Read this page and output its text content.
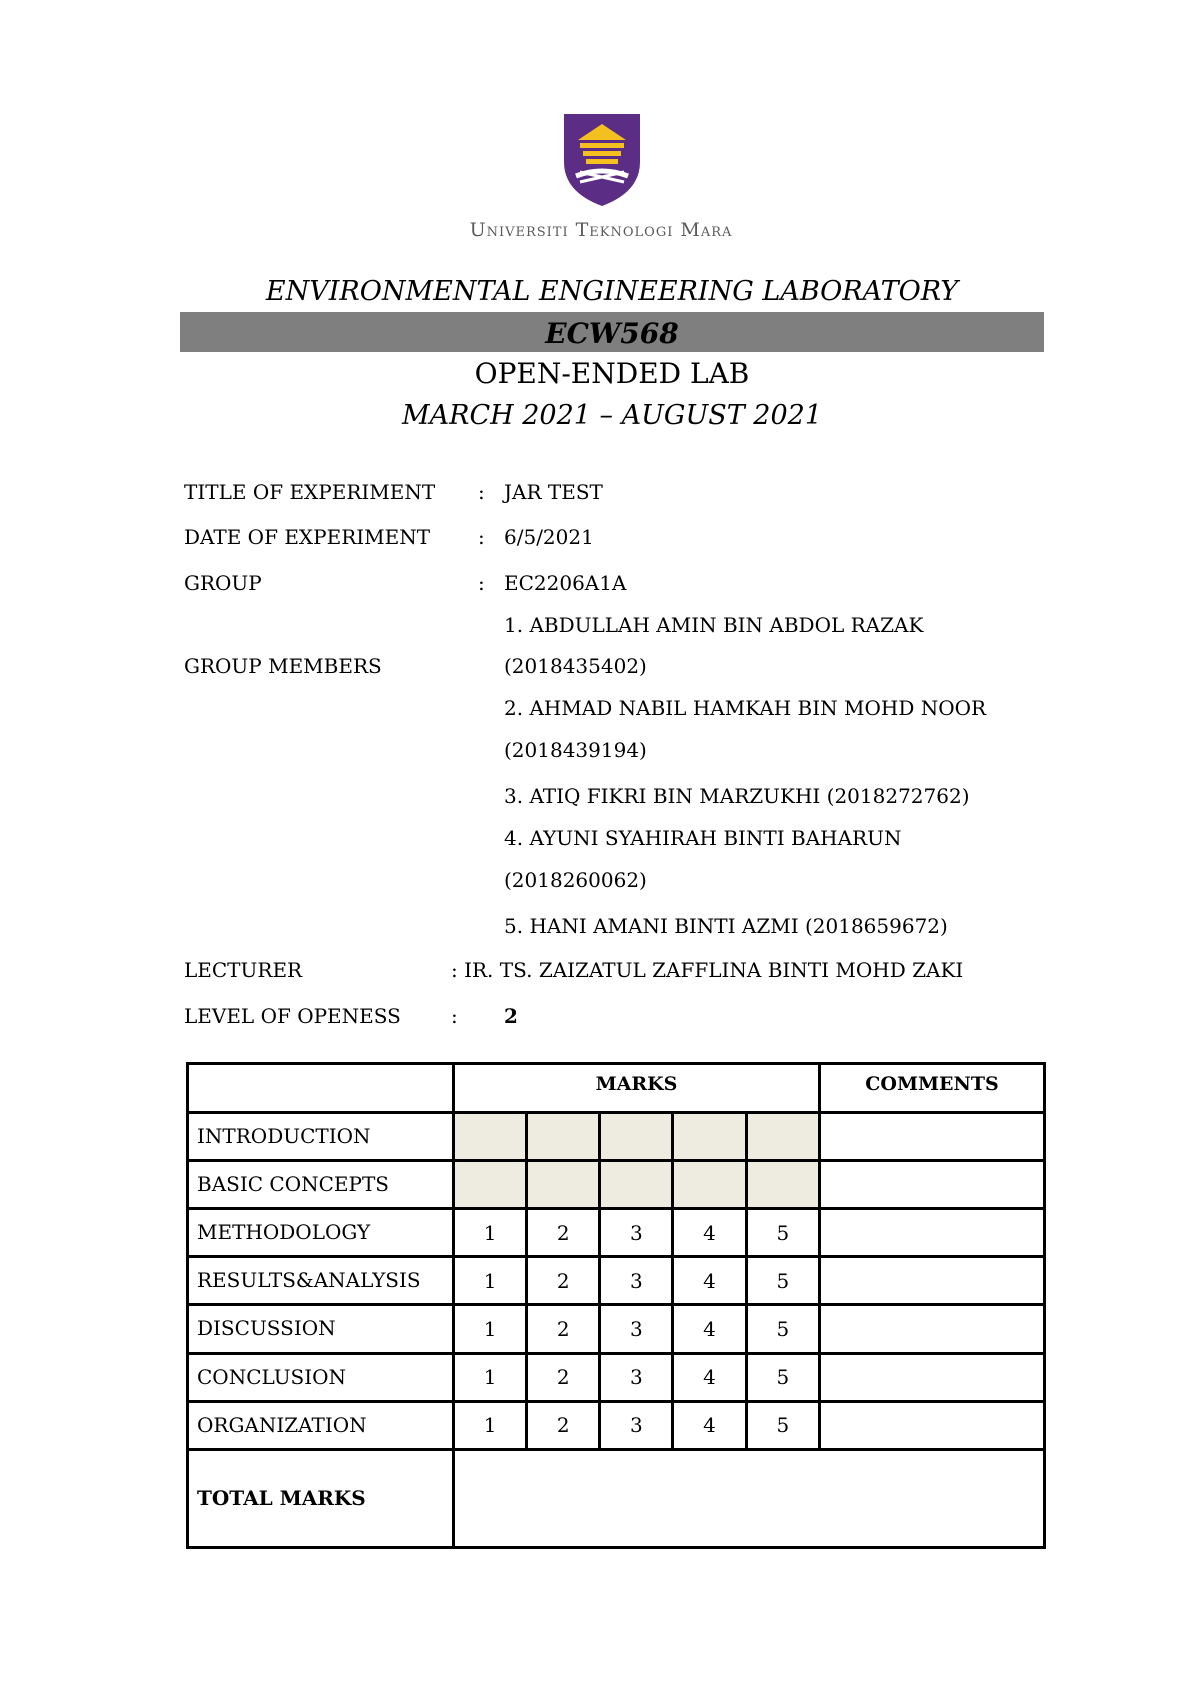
Universiti Teknologi Mara
ENVIRONMENTAL ENGINEERING LABORATORY
ECW568
OPEN-ENDED LAB
MARCH 2021 – AUGUST 2021
TITLE OF EXPERIMENT : JAR TEST
DATE OF EXPERIMENT : 6/5/2021
GROUP	: EC2206A1A
1. ABDULLAH AMIN BIN ABDOL RAZAK
GROUP MEMBERS	(2018435402)
2. AHMAD NABIL HAMKAH BIN MOHD NOOR
(2018439194)
3. ATIQ FIKRI BIN MARZUKHI (2018272762)
4. AYUNI SYAHIRAH BINTI BAHARUN
(2018260062)
5. HANI AMANI BINTI AZMI (2018659672)
LECTURER	: IR. TS. ZAIZATUL ZAFFLINA BINTI MOHD ZAKI
LEVEL OF OPENESS	: 2
	MARKS					COMMENTS
INTRODUCTION						
BASIC CONCEPTS						
METHODOLOGY	1	2	3	4	5	
RESULTS&ANALYSIS	1	2	3	4	5	
DISCUSSION	1	2	3	4	5	
CONCLUSION	1	2	3	4	5	
ORGANIZATION	1	2	3	4	5	
TOTAL MARKS						
